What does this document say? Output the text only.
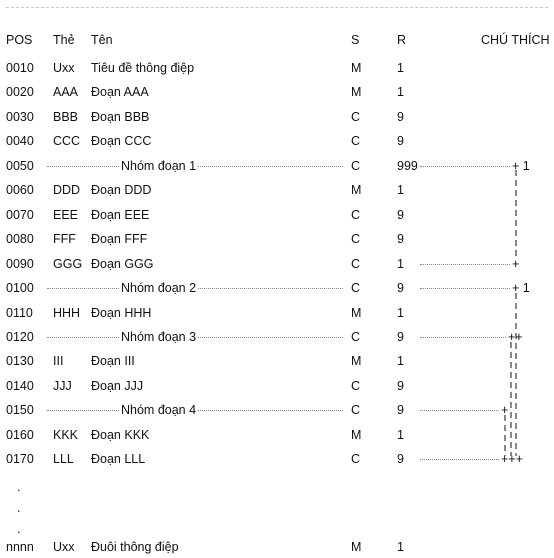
POS Thẻ Tên	S	R	CHÚ THÍCH
0010 Uxx Tiêu đề thông điệp	M	1
0020 AAA Đoạn AAA	M	1
0030 BBB Đoạn BBB	C	9
0040 CCC Đoạn CCC	C	9
0050	Nhóm đoạn 1	C	999	+ 1
0060 DDD Đoạn DDD	M	1
0070 EEE Đoạn EEE	C	9
0080 FFF Đoạn FFF	C	9
0090 GGG Đoạn GGG	C	1	+
0100	Nhóm đoạn 2	C	9	+ 1
0110 HHH Đoạn HHH	M	1
0120	Nhóm đoạn 3	C	9	++
0130 III Đoạn III	M	1
0140 JJJ Đoạn JJJ	C	9
0150	Nhóm đoạn 4	C	9	+
0160 KKK Đoạn KKK	M	1
0170 LLL Đoạn LLL	C	9	+++
.
.
.
nnnn Uxx Đuôi thông điệp	M	1
